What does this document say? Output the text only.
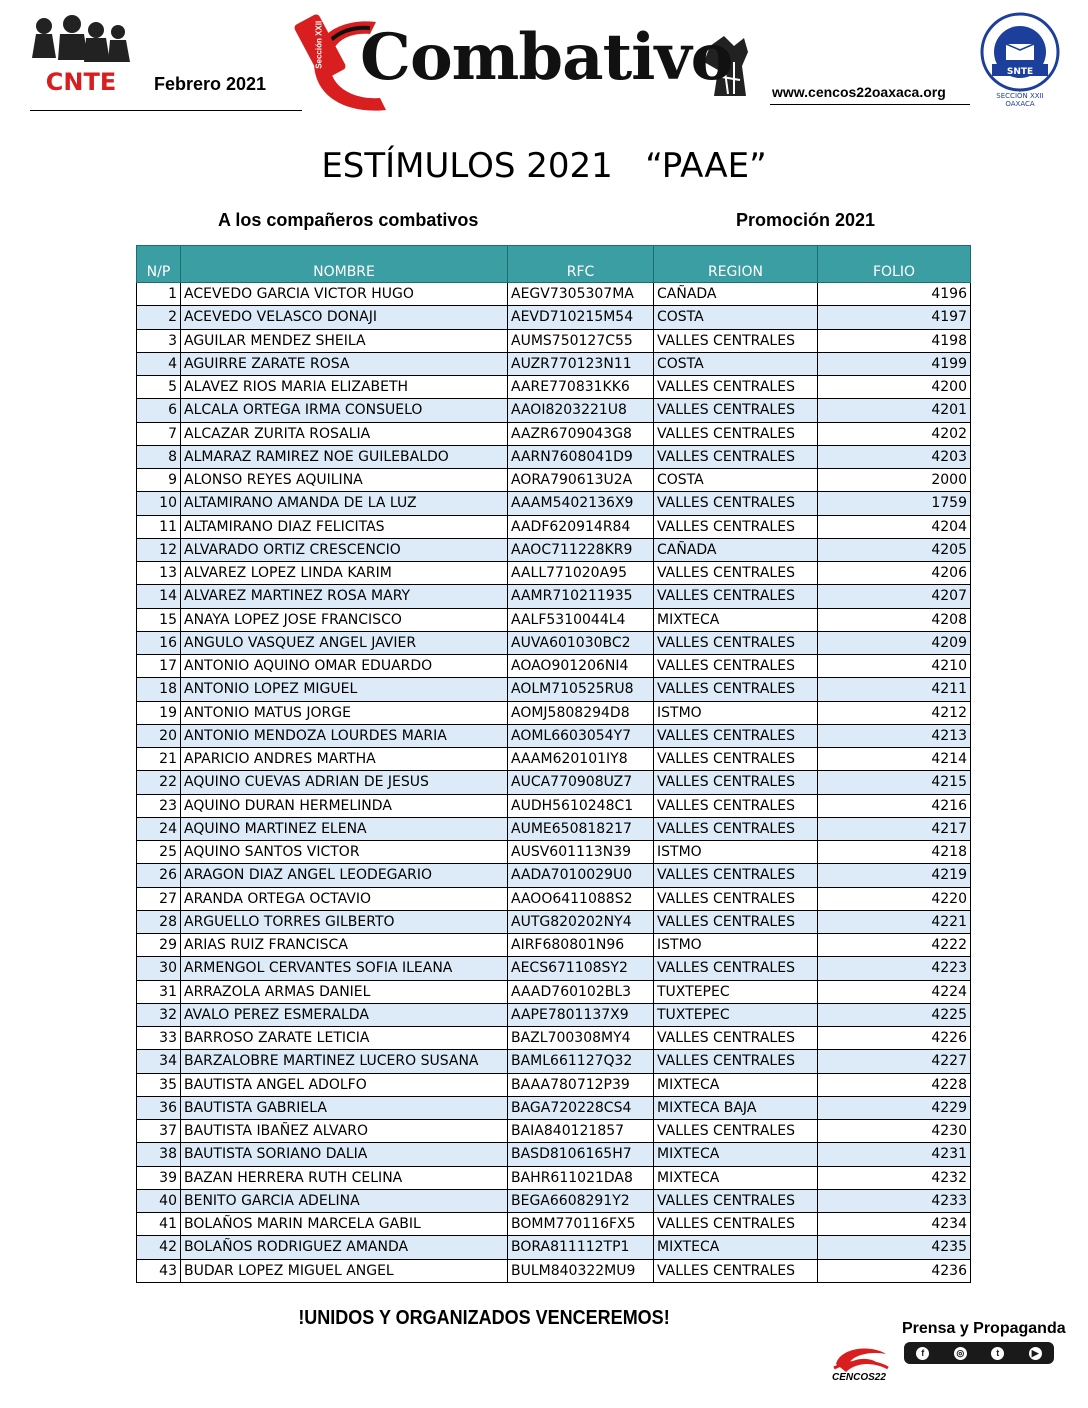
CNTE Febrero 2021
Sección XXII Combativo	www.cencos22oaxaca.org
SNTE
SECCIÓN XXII
OAXACA
ESTÍMULOS 2021   “PAAE”
A los compañeros combativos	Promoción 2021
N/P	NOMBRE	RFC	REGION	FOLIO
1	ACEVEDO GARCIA VICTOR HUGO	AEGV7305307MA	CAÑADA	4196
2	ACEVEDO VELASCO DONAJI	AEVD710215M54	COSTA	4197
3	AGUILAR MENDEZ SHEILA	AUMS750127C55	VALLES CENTRALES	4198
4	AGUIRRE ZARATE ROSA	AUZR770123N11	COSTA	4199
5	ALAVEZ RIOS MARIA ELIZABETH	AARE770831KK6	VALLES CENTRALES	4200
6	ALCALA ORTEGA IRMA CONSUELO	AAOI8203221U8	VALLES CENTRALES	4201
7	ALCAZAR ZURITA ROSALIA	AAZR6709043G8	VALLES CENTRALES	4202
8	ALMARAZ RAMIREZ NOE GUILEBALDO	AARN7608041D9	VALLES CENTRALES	4203
9	ALONSO REYES AQUILINA	AORA790613U2A	COSTA	2000
10	ALTAMIRANO AMANDA DE LA LUZ	AAAM5402136X9	VALLES CENTRALES	1759
11	ALTAMIRANO DIAZ FELICITAS	AADF620914R84	VALLES CENTRALES	4204
12	ALVARADO ORTIZ CRESCENCIO	AAOC711228KR9	CAÑADA	4205
13	ALVAREZ LOPEZ LINDA KARIM	AALL771020A95	VALLES CENTRALES	4206
14	ALVAREZ MARTINEZ ROSA MARY	AAMR710211935	VALLES CENTRALES	4207
15	ANAYA LOPEZ JOSE FRANCISCO	AALF5310044L4	MIXTECA	4208
16	ANGULO VASQUEZ ANGEL JAVIER	AUVA601030BC2	VALLES CENTRALES	4209
17	ANTONIO AQUINO OMAR EDUARDO	AOAO901206NI4	VALLES CENTRALES	4210
18	ANTONIO LOPEZ MIGUEL	AOLM710525RU8	VALLES CENTRALES	4211
19	ANTONIO MATUS JORGE	AOMJ5808294D8	ISTMO	4212
20	ANTONIO MENDOZA LOURDES MARIA	AOML6603054Y7	VALLES CENTRALES	4213
21	APARICIO ANDRES MARTHA	AAAM620101IY8	VALLES CENTRALES	4214
22	AQUINO CUEVAS ADRIAN DE JESUS	AUCA770908UZ7	VALLES CENTRALES	4215
23	AQUINO DURAN HERMELINDA	AUDH5610248C1	VALLES CENTRALES	4216
24	AQUINO MARTINEZ ELENA	AUME650818217	VALLES CENTRALES	4217
25	AQUINO SANTOS VICTOR	AUSV601113N39	ISTMO	4218
26	ARAGON DIAZ ANGEL LEODEGARIO	AADA7010029U0	VALLES CENTRALES	4219
27	ARANDA ORTEGA OCTAVIO	AAOO6411088S2	VALLES CENTRALES	4220
28	ARGUELLO TORRES GILBERTO	AUTG820202NY4	VALLES CENTRALES	4221
29	ARIAS RUIZ FRANCISCA	AIRF680801N96	ISTMO	4222
30	ARMENGOL CERVANTES SOFIA ILEANA	AECS671108SY2	VALLES CENTRALES	4223
31	ARRAZOLA ARMAS DANIEL	AAAD760102BL3	TUXTEPEC	4224
32	AVALO PEREZ ESMERALDA	AAPE7801137X9	TUXTEPEC	4225
33	BARROSO ZARATE LETICIA	BAZL700308MY4	VALLES CENTRALES	4226
34	BARZALOBRE MARTINEZ LUCERO SUSANA	BAML661127Q32	VALLES CENTRALES	4227
35	BAUTISTA ANGEL ADOLFO	BAAA780712P39	MIXTECA	4228
36	BAUTISTA GABRIELA	BAGA720228CS4	MIXTECA BAJA	4229
37	BAUTISTA IBAÑEZ ALVARO	BAIA840121857	VALLES CENTRALES	4230
38	BAUTISTA SORIANO DALIA	BASD8106165H7	MIXTECA	4231
39	BAZAN HERRERA RUTH CELINA	BAHR611021DA8	MIXTECA	4232
40	BENITO GARCIA ADELINA	BEGA6608291Y2	VALLES CENTRALES	4233
41	BOLAÑOS MARIN MARCELA GABIL	BOMM770116FX5	VALLES CENTRALES	4234
42	BOLAÑOS RODRIGUEZ AMANDA	BORA811112TP1	MIXTECA	4235
43	BUDAR LOPEZ MIGUEL ANGEL	BULM840322MU9	VALLES CENTRALES	4236
!UNIDOS Y ORGANIZADOS VENCEREMOS!
Prensa y Propaganda
f	◎	t	▶
CENCOS22
